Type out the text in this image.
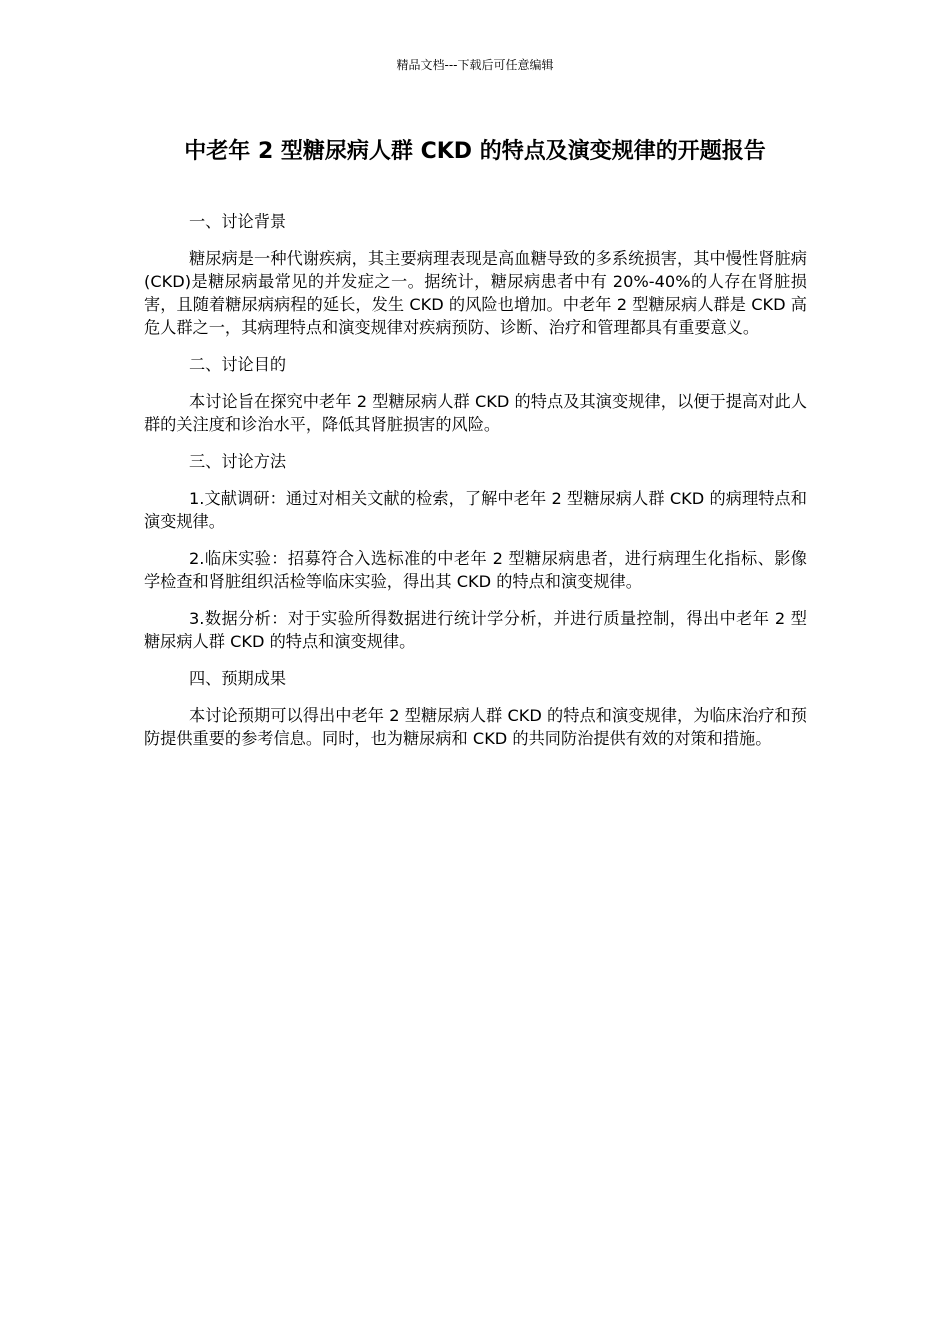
精品文档---下载后可任意编辑
中老年 2 型糖尿病人群 CKD 的特点及演变规律的开题报告

一、讨论背景

糖尿病是一种代谢疾病，其主要病理表现是高血糖导致的多系统损害，其中慢性肾脏病(CKD)是糖尿病最常见的并发症之一。据统计，糖尿病患者中有 20%-40%的人存在肾脏损害，且随着糖尿病病程的延长，发生 CKD 的风险也增加。中老年 2 型糖尿病人群是 CKD 高危人群之一，其病理特点和演变规律对疾病预防、诊断、治疗和管理都具有重要意义。

二、讨论目的

本讨论旨在探究中老年 2 型糖尿病人群 CKD 的特点及其演变规律，以便于提高对此人群的关注度和诊治水平，降低其肾脏损害的风险。

三、讨论方法

1.文献调研：通过对相关文献的检索，了解中老年 2 型糖尿病人群 CKD 的病理特点和演变规律。

2.临床实验：招募符合入选标准的中老年 2 型糖尿病患者，进行病理生化指标、影像学检查和肾脏组织活检等临床实验，得出其 CKD 的特点和演变规律。

3.数据分析：对于实验所得数据进行统计学分析，并进行质量控制，得出中老年 2 型糖尿病人群 CKD 的特点和演变规律。

四、预期成果

本讨论预期可以得出中老年 2 型糖尿病人群 CKD 的特点和演变规律，为临床治疗和预防提供重要的参考信息。同时，也为糖尿病和 CKD 的共同防治提供有效的对策和措施。
